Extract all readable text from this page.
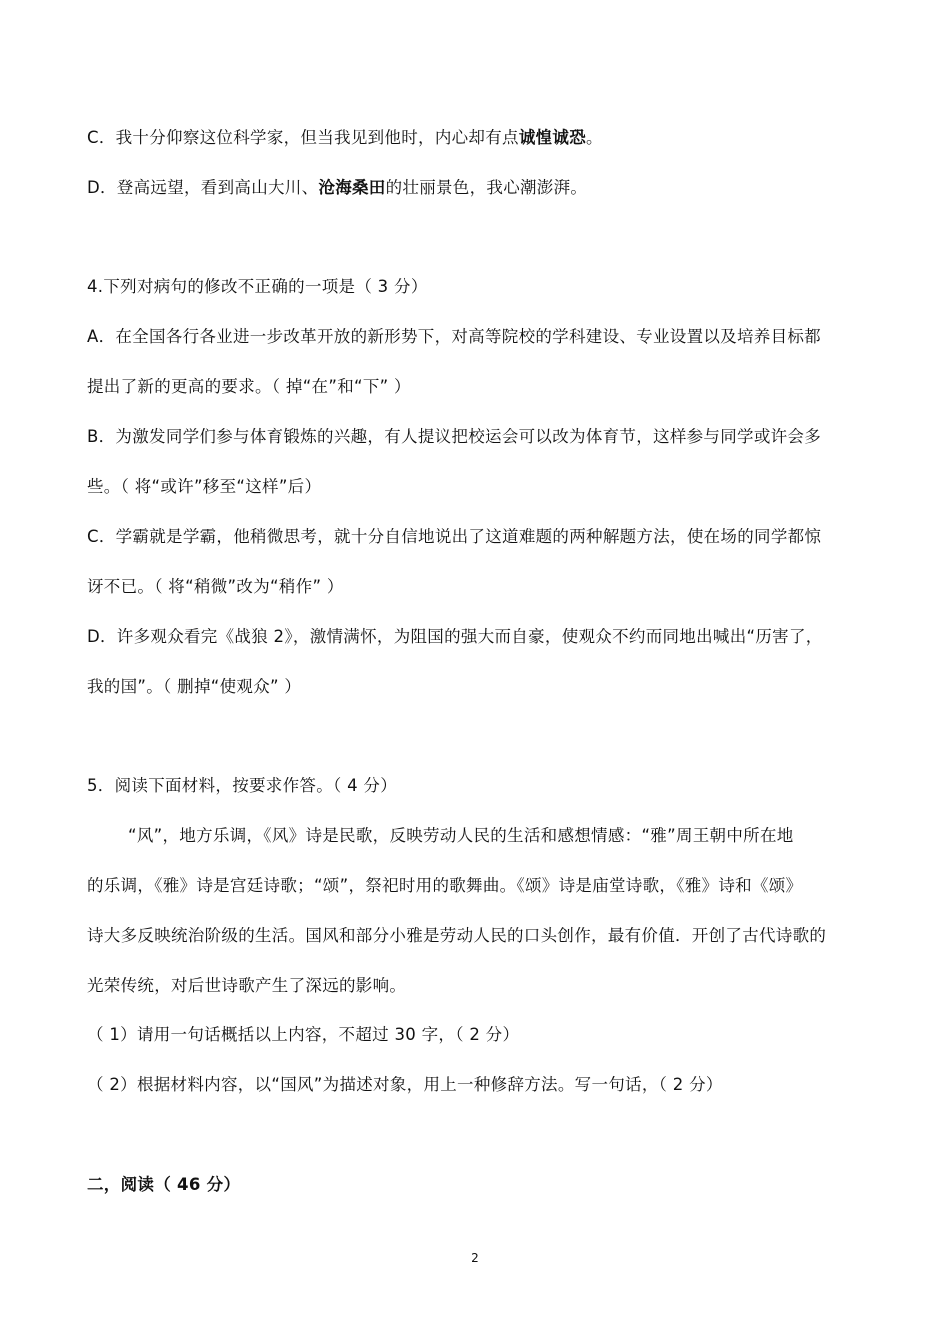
C．我十分仰察这位科学家，但当我见到他时，内心却有点诚惶诚恐。
D．登高远望，看到高山大川、沧海桑田的壮丽景色，我心潮澎湃。
4.下列对病句的修改不正确的一项是（ 3 分）
A．在全国各行各业进一步改革开放的新形势下，对高等院校的学科建设、专业设置以及培养目标都
提出了新的更高的要求。（ 掉“在”和“下” ）
B．为激发同学们参与体育锻炼的兴趣，有人提议把校运会可以改为体育节，这样参与同学或许会多
些。（ 将“或许”移至“这样”后）
C．学霸就是学霸，他稍微思考，就十分自信地说出了这道难题的两种解题方法，使在场的同学都惊
讶不已。（ 将“稍微”改为“稍作” ）
D．许多观众看完《战狼 2》，激情满怀，为阻国的强大而自豪，使观众不约而同地出喊出“历害了，
我的国”。（ 删掉“使观众” ）
5．阅读下面材料，按要求作答。（ 4 分）
“风”，地方乐调，《风》诗是民歌，反映劳动人民的生活和感想情感：“雅”周王朝中所在地
的乐调，《雅》诗是宫廷诗歌；“颂”，祭祀时用的歌舞曲。《颂》诗是庙堂诗歌，《雅》诗和《颂》
诗大多反映统治阶级的生活。国风和部分小雅是劳动人民的口头创作，最有价值．开创了古代诗歌的
光荣传统，对后世诗歌产生了深远的影响。
（ 1）请用一句话概括以上内容，不超过 30 字，（ 2 分）
（ 2）根据材料内容，以“国风”为描述对象，用上一种修辞方法。写一句话，（ 2 分）
二，阅读（ 46 分）
2
